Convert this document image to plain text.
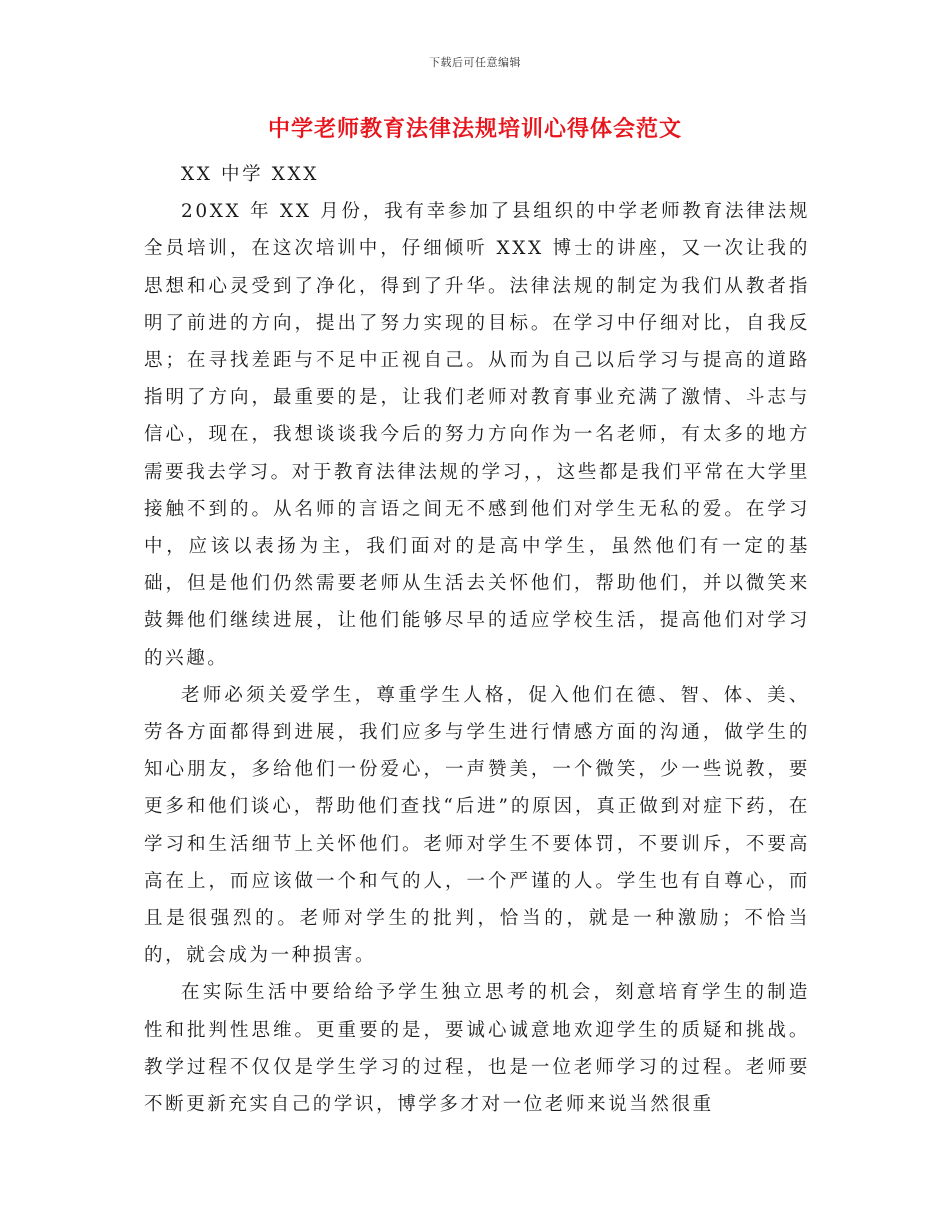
下载后可任意编辑
中学老师教育法律法规培训心得体会范文

XX 中学 XXX

20XX 年 XX 月份，我有幸参加了县组织的中学老师教育法律法规全员培训，在这次培训中，仔细倾听 XXX 博士的讲座，又一次让我的思想和心灵受到了净化，得到了升华。法律法规的制定为我们从教者指明了前进的方向，提出了努力实现的目标。在学习中仔细对比，自我反思；在寻找差距与不足中正视自己。从而为自己以后学习与提高的道路指明了方向，最重要的是，让我们老师对教育事业充满了激情、斗志与信心，现在，我想谈谈我今后的努力方向作为一名老师，有太多的地方需要我去学习。对于教育法律法规的学习，，这些都是我们平常在大学里接触不到的。从名师的言语之间无不感到他们对学生无私的爱。在学习中，应该以表扬为主，我们面对的是高中学生，虽然他们有一定的基础，但是他们仍然需要老师从生活去关怀他们，帮助他们，并以微笑来鼓舞他们继续进展，让他们能够尽早的适应学校生活，提高他们对学习的兴趣。

老师必须关爱学生，尊重学生人格，促入他们在德、智、体、美、劳各方面都得到进展，我们应多与学生进行情感方面的沟通，做学生的知心朋友，多给他们一份爱心，一声赞美，一个微笑，少一些说教，要更多和他们谈心，帮助他们查找“后进”的原因，真正做到对症下药，在学习和生活细节上关怀他们。老师对学生不要体罚，不要训斥，不要高高在上，而应该做一个和气的人，一个严谨的人。学生也有自尊心，而且是很强烈的。老师对学生的批判，恰当的，就是一种激励；不恰当的，就会成为一种损害。

在实际生活中要给给予学生独立思考的机会，刻意培育学生的制造性和批判性思维。更重要的是，要诚心诚意地欢迎学生的质疑和挑战。教学过程不仅仅是学生学习的过程，也是一位老师学习的过程。老师要不断更新充实自己的学识，博学多才对一位老师来说当然很重
